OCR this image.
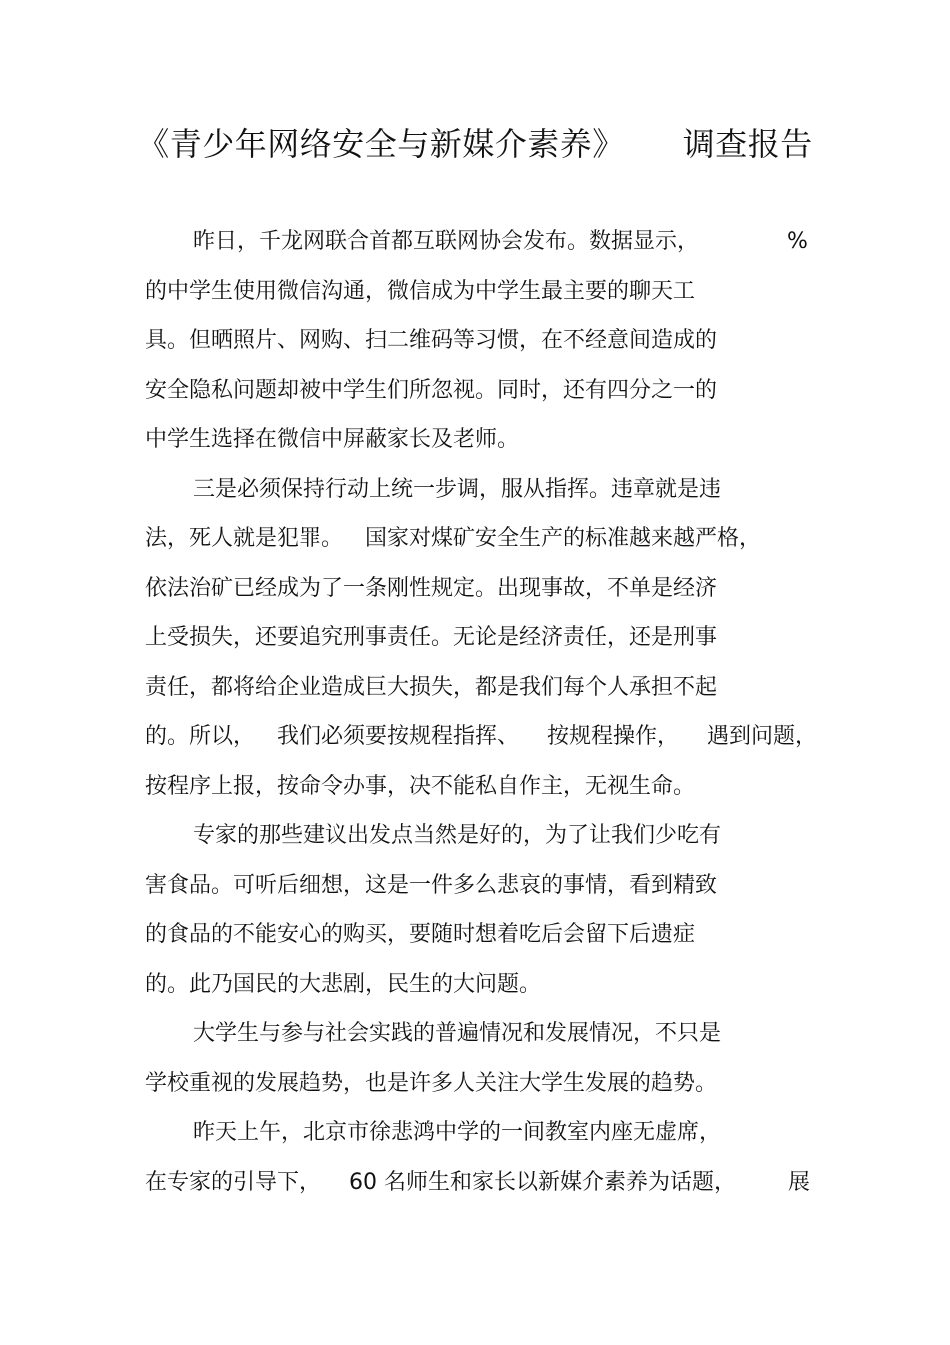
《青少年网络安全与新媒介素养》 调查报告
昨日，千龙网联合首都互联网协会发布。数据显示，	%
的中学生使用微信沟通，微信成为中学生最主要的聊天工
具。但晒照片、网购、扫二维码等习惯，在不经意间造成的
安全隐私问题却被中学生们所忽视。同时，还有四分之一的
中学生选择在微信中屏蔽家长及老师。
三是必须保持行动上统一步调，服从指挥。违章就是违
法，死人就是犯罪。 国家对煤矿安全生产的标准越来越严格，
依法治矿已经成为了一条刚性规定。出现事故，不单是经济
上受损失，还要追究刑事责任。无论是经济责任，还是刑事
责任，都将给企业造成巨大损失，都是我们每个人承担不起
的。所以， 我们必须要按规程指挥、 按规程操作， 遇到问题，
按程序上报，按命令办事，决不能私自作主，无视生命。
专家的那些建议出发点当然是好的，为了让我们少吃有
害食品。可听后细想，这是一件多么悲哀的事情，看到精致
的食品的不能安心的购买，要随时想着吃后会留下后遗症
的。此乃国民的大悲剧，民生的大问题。
大学生与参与社会实践的普遍情况和发展情况，不只是
学校重视的发展趋势，也是许多人关注大学生发展的趋势。
昨天上午，北京市徐悲鸿中学的一间教室内座无虚席，
在专家的引导下， 60 名师生和家长以新媒介素养为话题， 展
